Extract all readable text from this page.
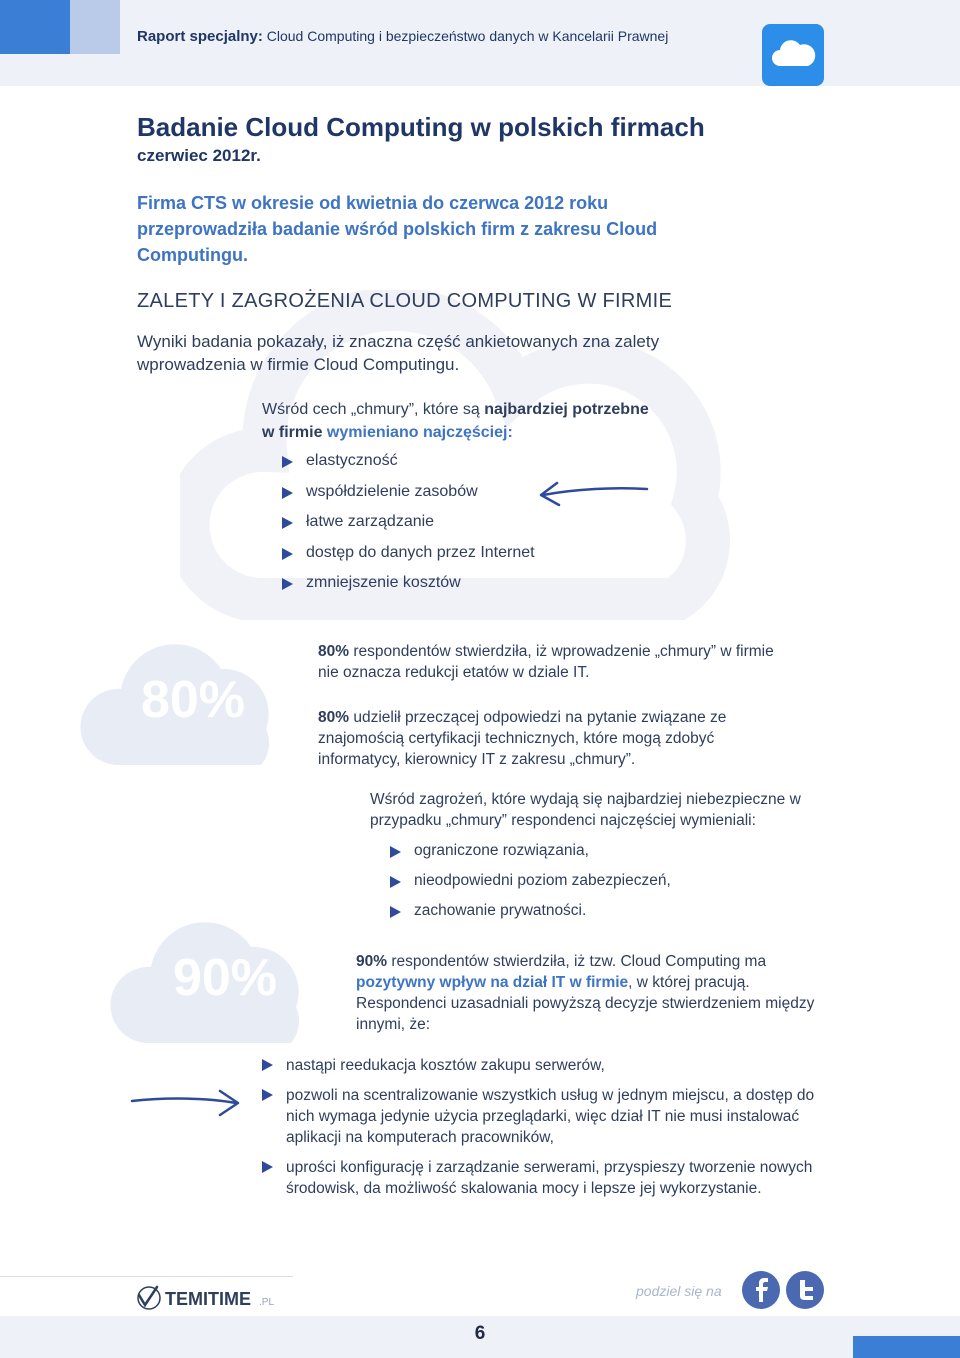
Raport specjalny: Cloud Computing i bezpieczeństwo danych w Kancelarii Prawnej
Badanie Cloud Computing w polskich firmach
czerwiec 2012r.
Firma CTS w okresie od kwietnia do czerwca 2012 roku przeprowadziła badanie wśród polskich firm z zakresu Cloud Computingu.
ZALETY I ZAGROŻENIA CLOUD COMPUTING W FIRMIE
Wyniki badania pokazały, iż znaczna część ankietowanych zna zalety wprowadzenia w firmie Cloud Computingu.
Wśród cech „chmury”, które są najbardziej potrzebne
w firmie wymieniano najczęściej:
elastyczność
współdzielenie zasobów
łatwe zarządzanie
dostęp do danych przez Internet
zmniejszenie kosztów
80%
80% respondentów stwierdziła, iż wprowadzenie „chmury” w firmie nie oznacza redukcji etatów w dziale IT.
80% udzielił przeczącej odpowiedzi na pytanie związane ze znajomością certyfikacji technicznych, które mogą zdobyć informatycy, kierownicy IT z zakresu „chmury”.
Wśród zagrożeń, które wydają się najbardziej niebezpieczne w przypadku „chmury” respondenci najczęściej wymieniali:
ograniczone rozwiązania,
nieodpowiedni poziom zabezpieczeń,
zachowanie prywatności.
90%	90% respondentów stwierdziła, iż tzw. Cloud Computing ma pozytywny wpływ na dział IT w firmie, w której pracują. Respondenci uzasadniali powyższą decyzje stwierdzeniem między innymi, że:
nastąpi reedukacja kosztów zakupu serwerów,
pozwoli na scentralizowanie wszystkich usług w jednym miejscu, a dostęp do nich wymaga jedynie użycia przeglądarki, więc dział IT nie musi instalować aplikacji na komputerach pracowników,
uprości konfigurację i zarządzanie serwerami, przyspieszy tworzenie nowych środowisk, da możliwość skalowania mocy i lepsze jej wykorzystanie.
TEMITIME .PL
podziel się na
6
